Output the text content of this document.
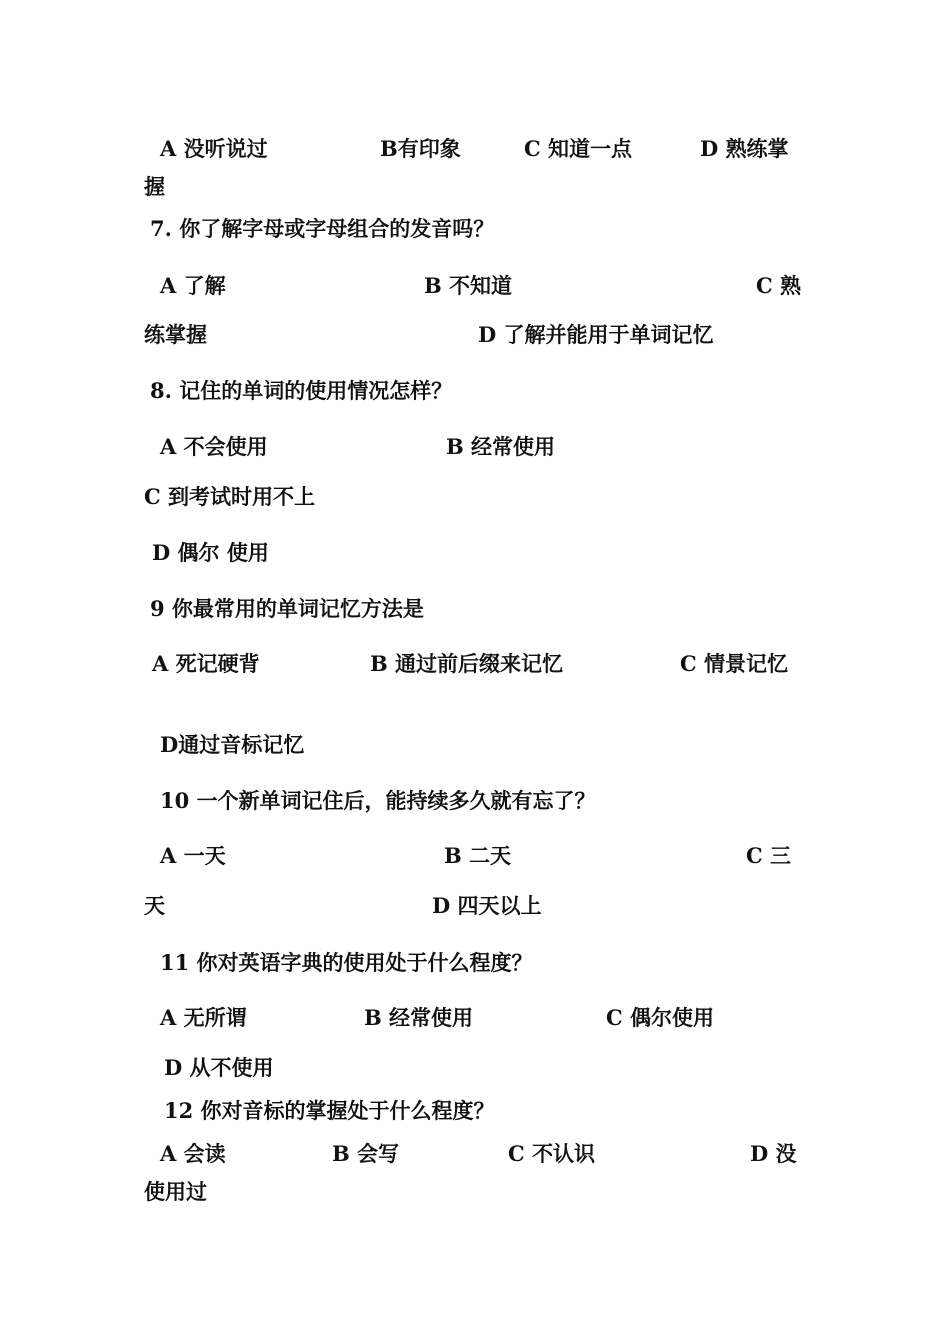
A 没听说过	B有印象	C 知道一点	D 熟练掌
握
7. 你了解字母或字母组合的发音吗？
A 了解	B 不知道	C 熟
练掌握	D 了解并能用于单词记忆
8. 记住的单词的使用情况怎样？
A 不会使用	B 经常使用
C 到考试时用不上
D 偶尔 使用
9 你最常用的单词记忆方法是
A 死记硬背	B 通过前后缀来记忆	C 情景记忆
D通过音标记忆
10 一个新单词记住后，能持续多久就有忘了？
A 一天	B 二天	C 三
天	D 四天以上
11 你对英语字典的使用处于什么程度？
A 无所谓	B 经常使用	C 偶尔使用
D 从不使用
12 你对音标的掌握处于什么程度？
A 会读	B 会写	C 不认识	D 没
使用过
